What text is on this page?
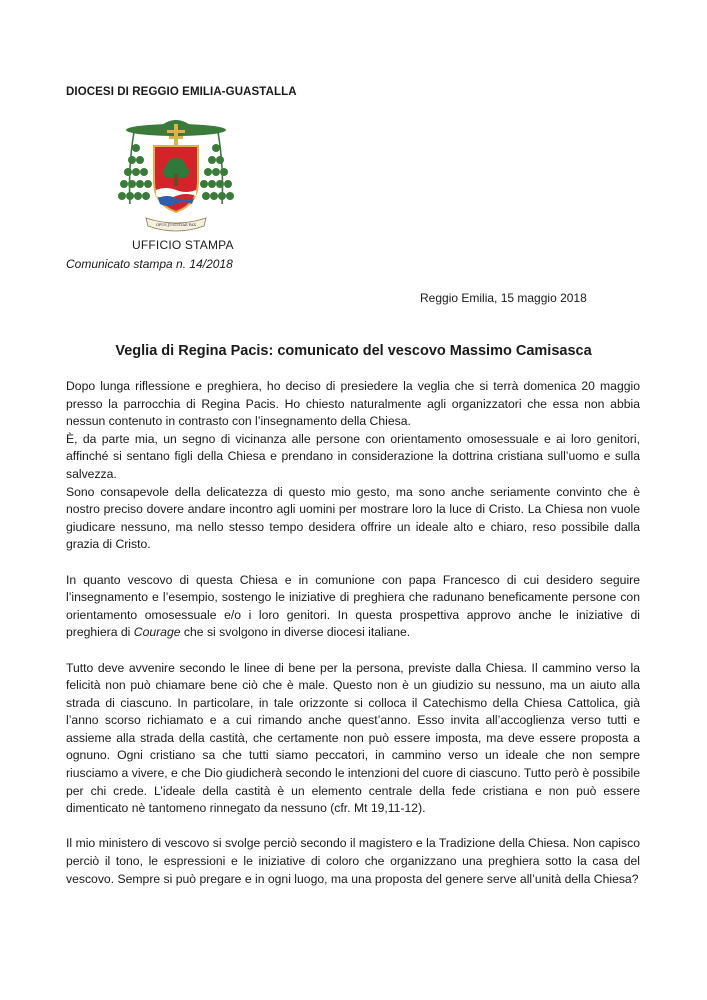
DIOCESI DI REGGIO EMILIA-GUASTALLA
OPUS JUSTITIAE PAX
UFFICIO STAMPA
Comunicato stampa n. 14/2018
Reggio Emilia, 15 maggio 2018
Veglia di Regina Pacis: comunicato del vescovo Massimo Camisasca

Dopo lunga riflessione e preghiera, ho deciso di presiedere la veglia che si terrà domenica 20 maggio presso la parrocchia di Regina Pacis. Ho chiesto naturalmente agli organizzatori che essa non abbia nessun contenuto in contrasto con l’insegnamento della Chiesa.
È, da parte mia, un segno di vicinanza alle persone con orientamento omosessuale e ai loro genitori, affinché si sentano figli della Chiesa e prendano in considerazione la dottrina cristiana sull’uomo e sulla salvezza.
Sono consapevole della delicatezza di questo mio gesto, ma sono anche seriamente convinto che è nostro preciso dovere andare incontro agli uomini per mostrare loro la luce di Cristo. La Chiesa non vuole giudicare nessuno, ma nello stesso tempo desidera offrire un ideale alto e chiaro, reso possibile dalla grazia di Cristo.

In quanto vescovo di questa Chiesa e in comunione con papa Francesco di cui desidero seguire l’insegnamento e l’esempio, sostengo le iniziative di preghiera che radunano beneficamente persone con orientamento omosessuale e/o i loro genitori. In questa prospettiva approvo anche le iniziative di preghiera di Courage che si svolgono in diverse diocesi italiane.

Tutto deve avvenire secondo le linee di bene per la persona, previste dalla Chiesa. Il cammino verso la felicità non può chiamare bene ciò che è male. Questo non è un giudizio su nessuno, ma un aiuto alla strada di ciascuno. In particolare, in tale orizzonte si colloca il Catechismo della Chiesa Cattolica, già l’anno scorso richiamato e a cui rimando anche quest’anno. Esso invita all’accoglienza verso tutti e assieme alla strada della castità, che certamente non può essere imposta, ma deve essere proposta a ognuno. Ogni cristiano sa che tutti siamo peccatori, in cammino verso un ideale che non sempre riusciamo a vivere, e che Dio giudicherà secondo le intenzioni del cuore di ciascuno. Tutto però è possibile per chi crede. L’ideale della castità è un elemento centrale della fede cristiana e non può essere dimenticato nè tantomeno rinnegato da nessuno (cfr. Mt 19,11-12).

Il mio ministero di vescovo si svolge perciò secondo il magistero e la Tradizione della Chiesa. Non capisco perciò il tono, le espressioni e le iniziative di coloro che organizzano una preghiera sotto la casa del vescovo. Sempre si può pregare e in ogni luogo, ma una proposta del genere serve all’unità della Chiesa?
